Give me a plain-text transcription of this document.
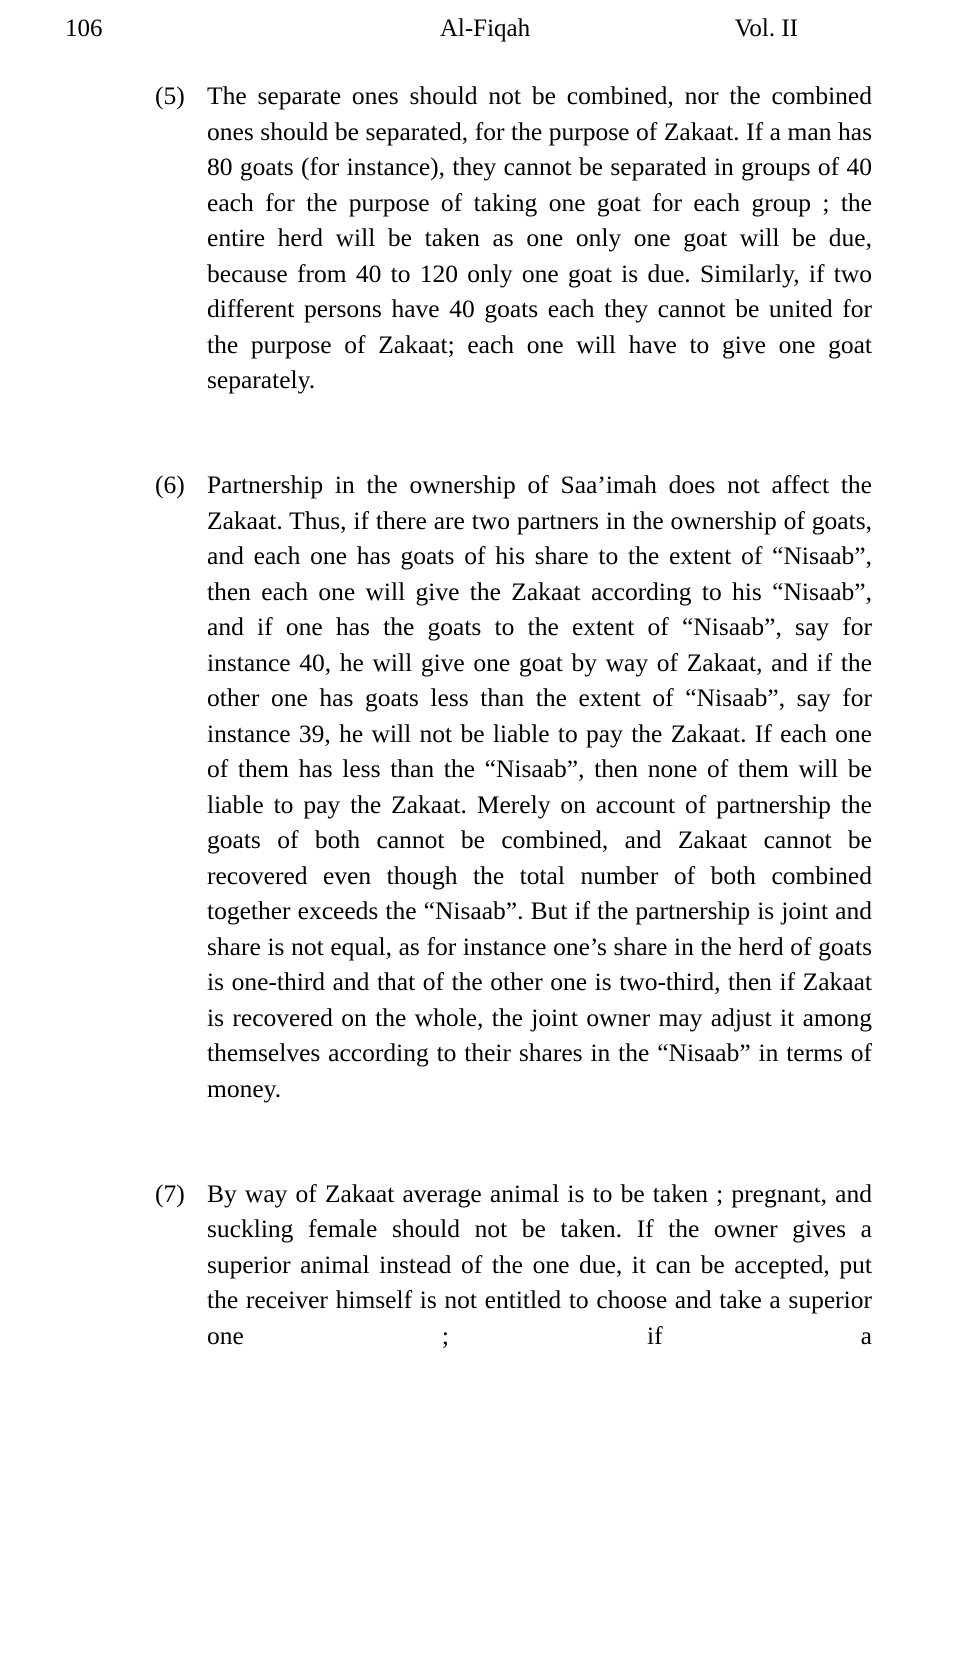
106	Al-Fiqah	Vol. II
(5) The separate ones should not be combined, nor the combined ones should be separated, for the purpose of Zakaat. If a man has 80 goats (for instance), they cannot be separated in groups of 40 each for the purpose of taking one goat for each group ; the entire herd will be taken as one only one goat will be due, because from 40 to 120 only one goat is due. Similarly, if two different persons have 40 goats each they cannot be united for the purpose of Zakaat; each one will have to give one goat separately.
(6) Partnership in the ownership of Saa’imah does not affect the Zakaat. Thus, if there are two partners in the ownership of goats, and each one has goats of his share to the extent of “Nisaab”, then each one will give the Zakaat according to his “Nisaab”, and if one has the goats to the extent of “Nisaab”, say for instance 40, he will give one goat by way of Zakaat, and if the other one has goats less than the extent of “Nisaab”, say for instance 39, he will not be liable to pay the Zakaat. If each one of them has less than the “Nisaab”, then none of them will be liable to pay the Zakaat. Merely on account of partnership the goats of both cannot be combined, and Zakaat cannot be recovered even though the total number of both combined together exceeds the “Nisaab”. But if the partnership is joint and share is not equal, as for instance one’s share in the herd of goats is one-third and that of the other one is two-third, then if Zakaat is recovered on the whole, the joint owner may adjust it among themselves according to their shares in the “Nisaab” in terms of money.
(7) By way of Zakaat average animal is to be taken ; pregnant, and suckling female should not be taken. If the owner gives a superior animal instead of the one due, it can be accepted, put the receiver himself is not entitled to choose and take a superior one ; if a
